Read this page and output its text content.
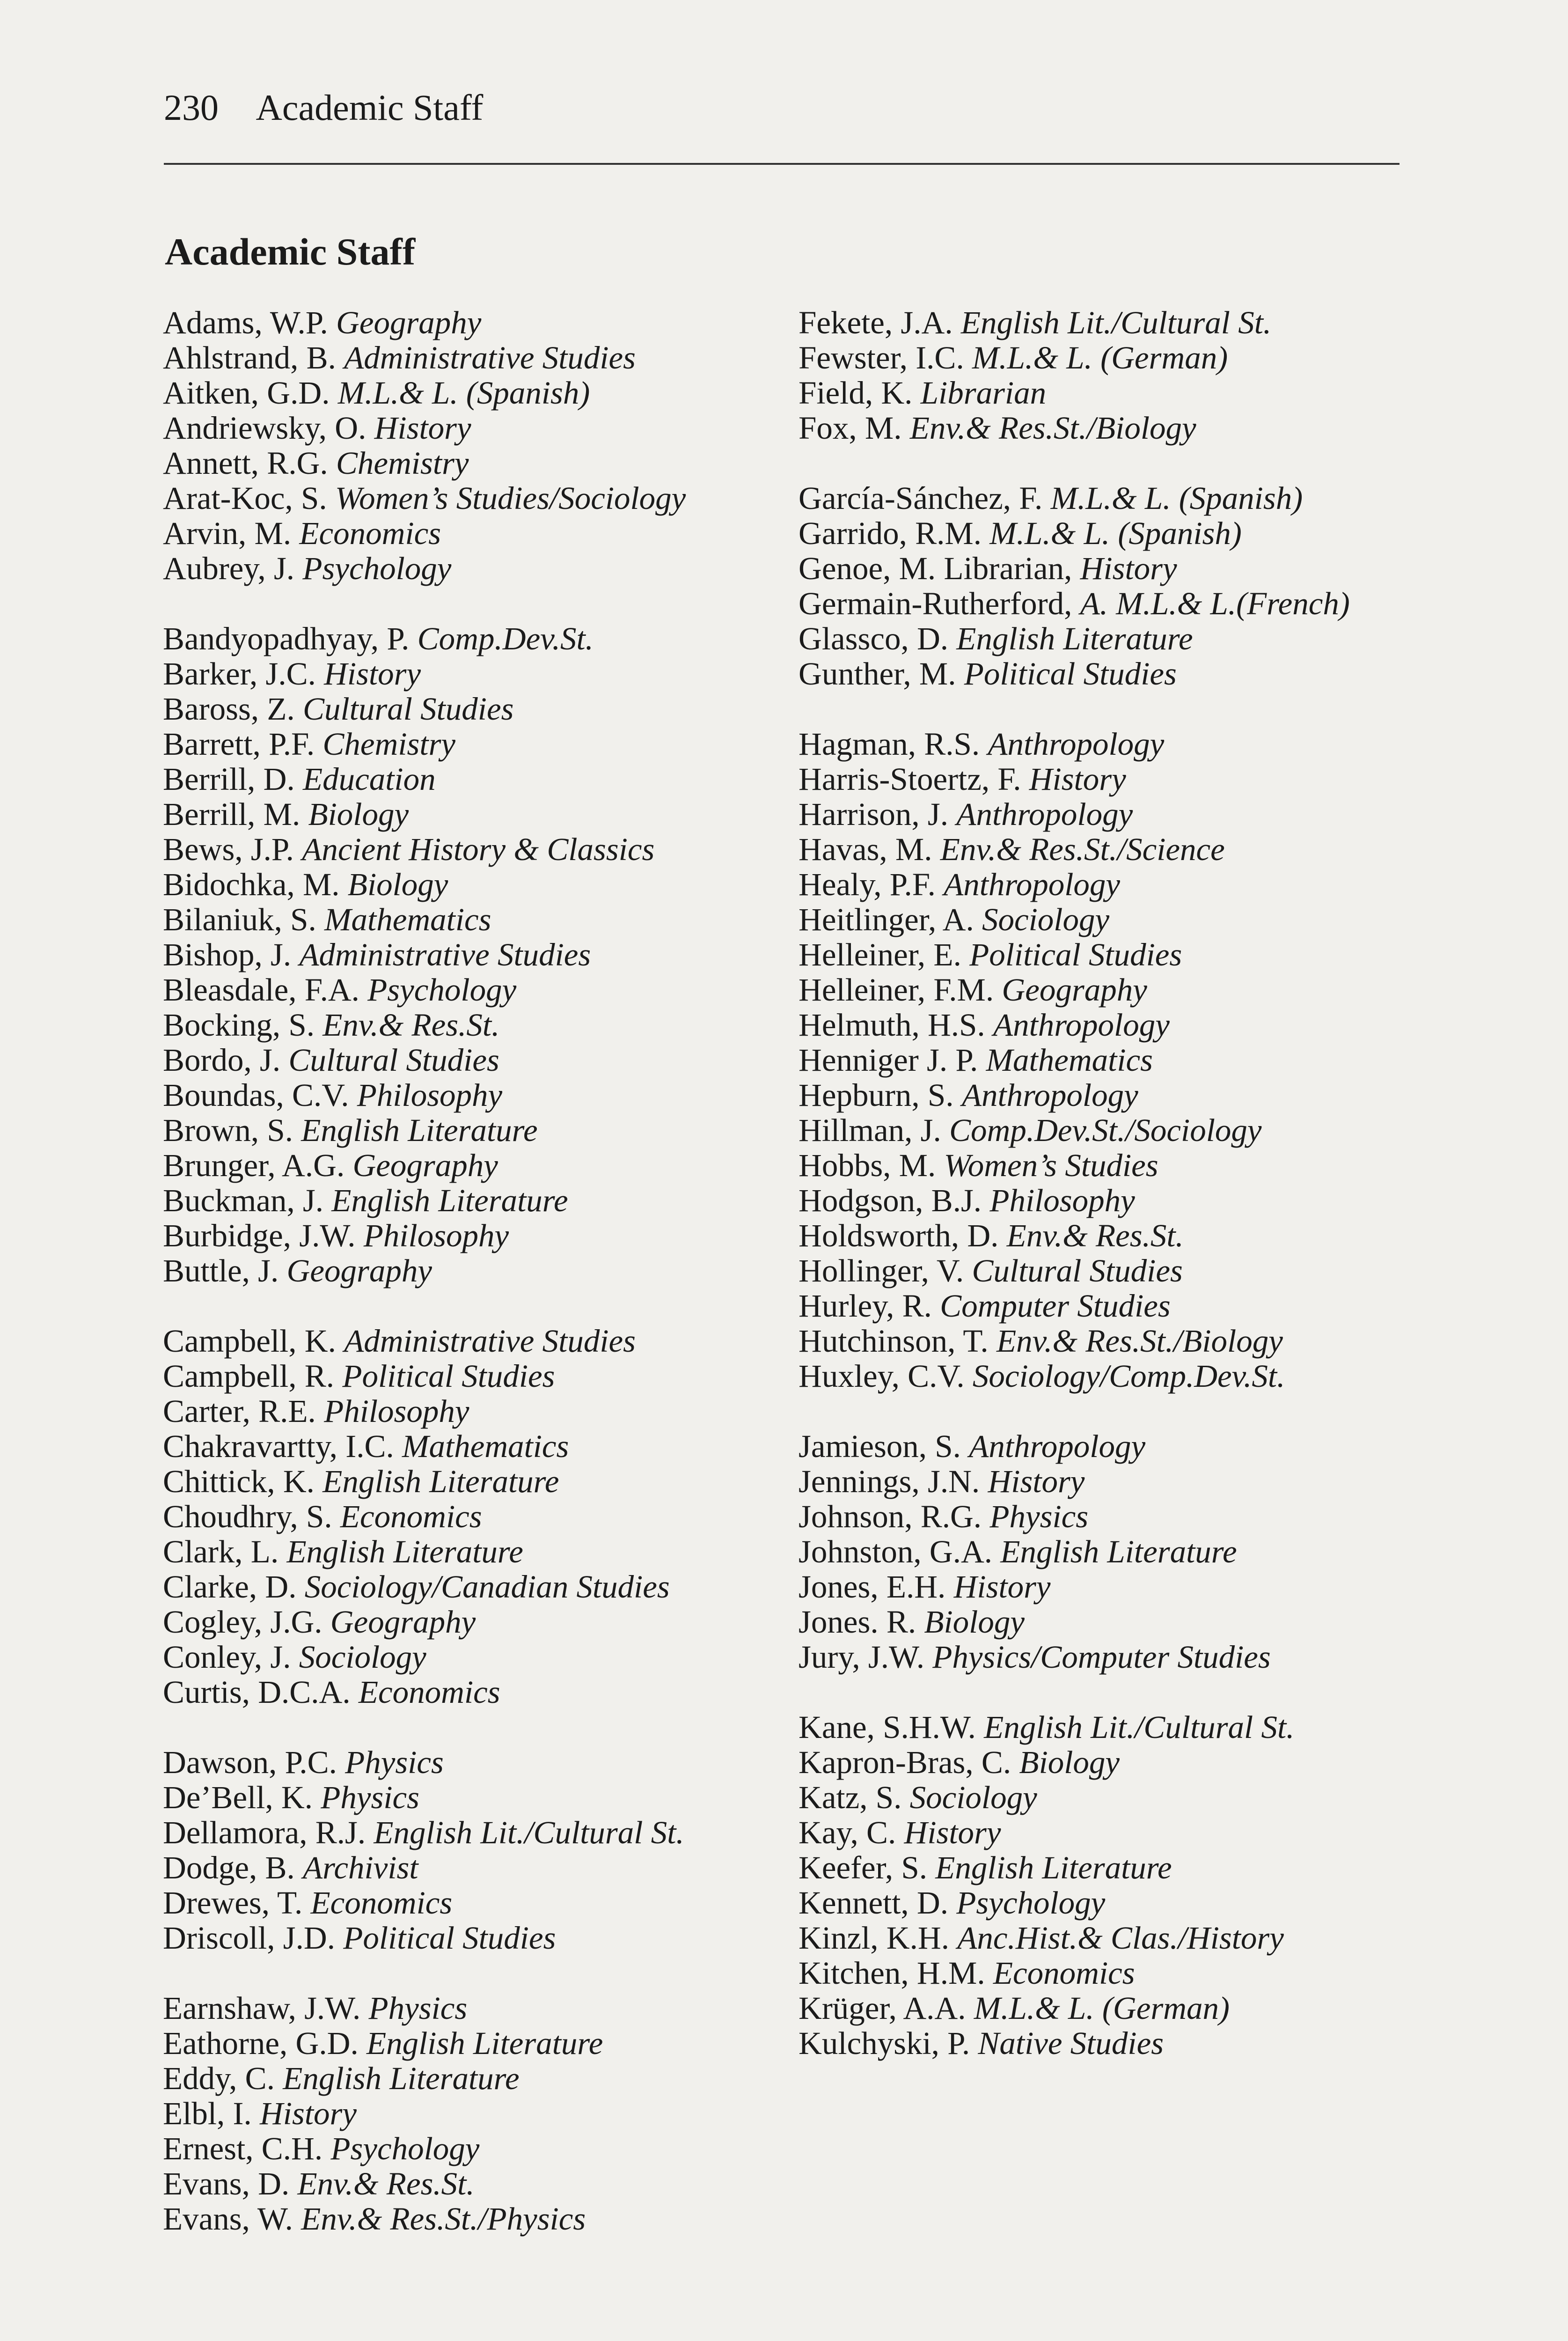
230 Academic Staff
Academic Staff
Adams, W.P. Geography
Ahlstrand, B. Administrative Studies
Aitken, G.D. M.L.& L. (Spanish)
Andriewsky, O. History
Annett, R.G. Chemistry
Arat-Koc, S. Women’s Studies/Sociology
Arvin, M. Economics
Aubrey, J. Psychology
Bandyopadhyay, P. Comp.Dev.St.
Barker, J.C. History
Baross, Z. Cultural Studies
Barrett, P.F. Chemistry
Berrill, D. Education
Berrill, M. Biology
Bews, J.P. Ancient History & Classics
Bidochka, M. Biology
Bilaniuk, S. Mathematics
Bishop, J. Administrative Studies
Bleasdale, F.A. Psychology
Bocking, S. Env.& Res.St.
Bordo, J. Cultural Studies
Boundas, C.V. Philosophy
Brown, S. English Literature
Brunger, A.G. Geography
Buckman, J. English Literature
Burbidge, J.W. Philosophy
Buttle, J. Geography
Campbell, K. Administrative Studies
Campbell, R. Political Studies
Carter, R.E. Philosophy
Chakravartty, I.C. Mathematics
Chittick, K. English Literature
Choudhry, S. Economics
Clark, L. English Literature
Clarke, D. Sociology/Canadian Studies
Cogley, J.G. Geography
Conley, J. Sociology
Curtis, D.C.A. Economics
Dawson, P.C. Physics
De’Bell, K. Physics
Dellamora, R.J. English Lit./Cultural St.
Dodge, B. Archivist
Drewes, T. Economics
Driscoll, J.D. Political Studies
Earnshaw, J.W. Physics
Eathorne, G.D. English Literature
Eddy, C. English Literature
Elbl, I. History
Ernest, C.H. Psychology
Evans, D. Env.& Res.St.
Evans, W. Env.& Res.St./Physics
Fekete, J.A. English Lit./Cultural St.
Fewster, I.C. M.L.& L. (German)
Field, K. Librarian
Fox, M. Env.& Res.St./Biology
García-Sánchez, F. M.L.& L. (Spanish)
Garrido, R.M. M.L.& L. (Spanish)
Genoe, M. Librarian, History
Germain-Rutherford, A. M.L.& L.(French)
Glassco, D. English Literature
Gunther, M. Political Studies
Hagman, R.S. Anthropology
Harris-Stoertz, F. History
Harrison, J. Anthropology
Havas, M. Env.& Res.St./Science
Healy, P.F. Anthropology
Heitlinger, A. Sociology
Helleiner, E. Political Studies
Helleiner, F.M. Geography
Helmuth, H.S. Anthropology
Henniger J. P. Mathematics
Hepburn, S. Anthropology
Hillman, J. Comp.Dev.St./Sociology
Hobbs, M. Women’s Studies
Hodgson, B.J. Philosophy
Holdsworth, D. Env.& Res.St.
Hollinger, V. Cultural Studies
Hurley, R. Computer Studies
Hutchinson, T. Env.& Res.St./Biology
Huxley, C.V. Sociology/Comp.Dev.St.
Jamieson, S. Anthropology
Jennings, J.N. History
Johnson, R.G. Physics
Johnston, G.A. English Literature
Jones, E.H. History
Jones. R. Biology
Jury, J.W. Physics/Computer Studies
Kane, S.H.W. English Lit./Cultural St.
Kapron-Bras, C. Biology
Katz, S. Sociology
Kay, C. History
Keefer, S. English Literature
Kennett, D. Psychology
Kinzl, K.H. Anc.Hist.& Clas./History
Kitchen, H.M. Economics
Krüger, A.A. M.L.& L. (German)
Kulchyski, P. Native Studies
